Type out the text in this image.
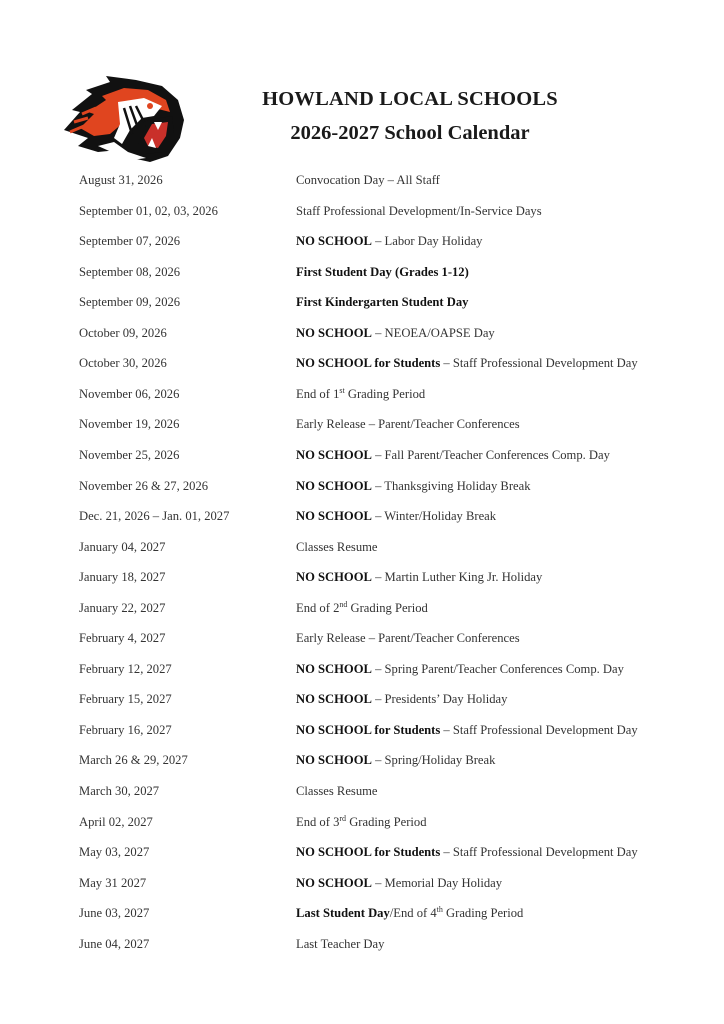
HOWLAND LOCAL SCHOOLS
2026-2027 School Calendar
August 31, 2026	Convocation Day – All Staff
September 01, 02, 03, 2026	Staff Professional Development/In-Service Days
September 07, 2026	NO SCHOOL – Labor Day Holiday
September 08, 2026	First Student Day (Grades 1-12)
September 09, 2026	First Kindergarten Student Day
October 09, 2026	NO SCHOOL – NEOEA/OAPSE Day
October 30, 2026	NO SCHOOL for Students – Staff Professional Development Day
November 06, 2026	End of 1st Grading Period
November 19, 2026	Early Release – Parent/Teacher Conferences
November 25, 2026	NO SCHOOL – Fall Parent/Teacher Conferences Comp. Day
November 26 & 27, 2026	NO SCHOOL – Thanksgiving Holiday Break
Dec. 21, 2026 – Jan. 01, 2027	NO SCHOOL – Winter/Holiday Break
January 04, 2027	Classes Resume
January 18, 2027	NO SCHOOL – Martin Luther King Jr. Holiday
January 22, 2027	End of 2nd Grading Period
February 4, 2027	Early Release – Parent/Teacher Conferences
February 12, 2027	NO SCHOOL – Spring Parent/Teacher Conferences Comp. Day
February 15, 2027	NO SCHOOL – Presidents’ Day Holiday
February 16, 2027	NO SCHOOL for Students – Staff Professional Development Day
March 26 & 29, 2027	NO SCHOOL – Spring/Holiday Break
March 30, 2027	Classes Resume
April 02, 2027	End of 3rd Grading Period
May 03, 2027	NO SCHOOL for Students – Staff Professional Development Day
May 31 2027	NO SCHOOL – Memorial Day Holiday
June 03, 2027	Last Student Day/End of 4th Grading Period
June 04, 2027	Last Teacher Day
